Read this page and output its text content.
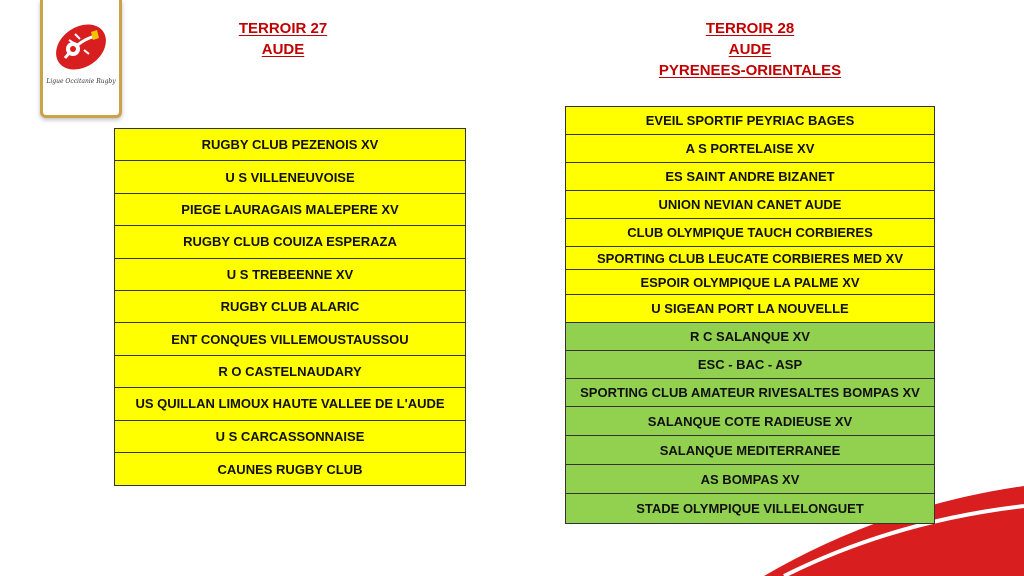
Ligue Occitanie Rugby
TERROIR 27
AUDE
TERROIR 28
AUDE
PYRENEES-ORIENTALES
RUGBY CLUB PEZENOIS XV
U S VILLENEUVOISE
PIEGE LAURAGAIS MALEPERE XV
RUGBY CLUB COUIZA ESPERAZA
U S TREBEENNE XV
RUGBY CLUB ALARIC
ENT CONQUES VILLEMOUSTAUSSOU
R O CASTELNAUDARY
US QUILLAN LIMOUX HAUTE VALLEE DE L'AUDE
U S CARCASSONNAISE
CAUNES RUGBY CLUB
EVEIL SPORTIF PEYRIAC BAGES
A S PORTELAISE XV
ES SAINT ANDRE BIZANET
UNION NEVIAN CANET AUDE
CLUB OLYMPIQUE TAUCH CORBIERES
SPORTING CLUB LEUCATE CORBIERES MED XV
ESPOIR OLYMPIQUE LA PALME XV
U SIGEAN PORT LA NOUVELLE
R C SALANQUE XV
ESC - BAC - ASP
SPORTING CLUB AMATEUR RIVESALTES BOMPAS XV
SALANQUE COTE RADIEUSE XV
SALANQUE MEDITERRANEE
AS BOMPAS XV
STADE OLYMPIQUE VILLELONGUET
